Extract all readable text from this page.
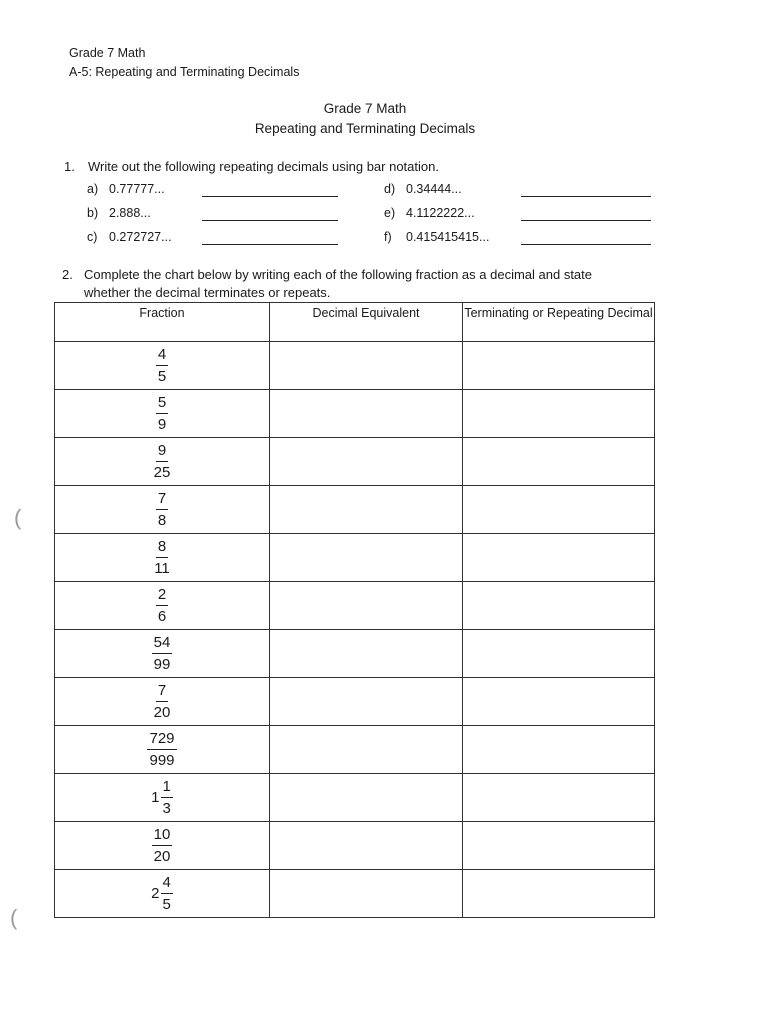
Grade 7 Math
A-5: Repeating and Terminating Decimals
Grade 7 Math
Repeating and Terminating Decimals
1. Write out the following repeating decimals using bar notation.
a) 0.77777...
b) 2.888...
c) 0.272727...
d) 0.34444...
e) 4.1122222...
f) 0.415415415...
2. Complete the chart below by writing each of the following fraction as a decimal and state
whether the decimal terminates or repeats.
Fraction	Decimal Equivalent	Terminating or Repeating Decimal

$\frac{4}{5}$

$\frac{5}{9}$

$\frac{9}{25}$

$\frac{7}{8}$

$\frac{8}{11}$

$\frac{2}{6}$

$\frac{54}{99}$

$\frac{7}{20}$

$\frac{729}{999}$

$1 \frac{1}{3}$

$\frac{10}{20}$

$2 \frac{4}{5}$

(
(
